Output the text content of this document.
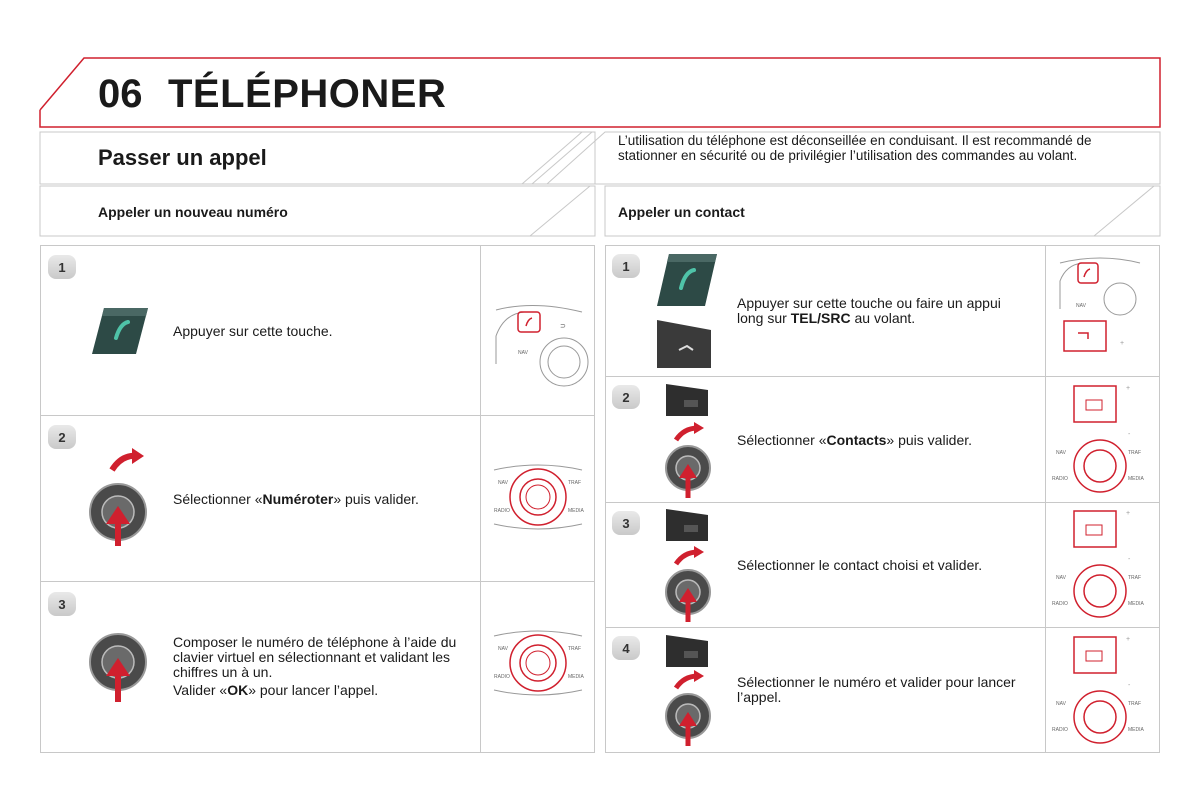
06 TÉLÉPHONER
Passer un appel
L’utilisation du téléphone est déconseillée en conduisant. Il est recommandé de stationner en sécurité ou de privilégier l’utilisation des commandes au volant.
Appeler un nouveau numéro	Appeler un contact
1
Appuyer sur cette touche.
NAV
⊃
2
Sélectionner «Numéroter» puis valider.
NAV	TRAF
RADIO	MEDIA
3
Composer le numéro de téléphone à l’aide du clavier virtuel en sélectionnant et validant les chiffres un à un.
Valider «OK» pour lancer l’appel.
NAV	TRAF
RADIO	MEDIA
1
Appuyer sur cette touche ou faire un appui long sur TEL/SRC au volant.
NAV
+
2
3
4
Sélectionner «Contacts» puis valider.
Sélectionner le contact choisi et valider.
Sélectionner le numéro et valider pour lancer l’appel.
+
-
NAV	TRAF
RADIO	MEDIA
+
-
NAV	TRAF
RADIO	MEDIA
+
-
NAV	TRAF
RADIO	MEDIA
